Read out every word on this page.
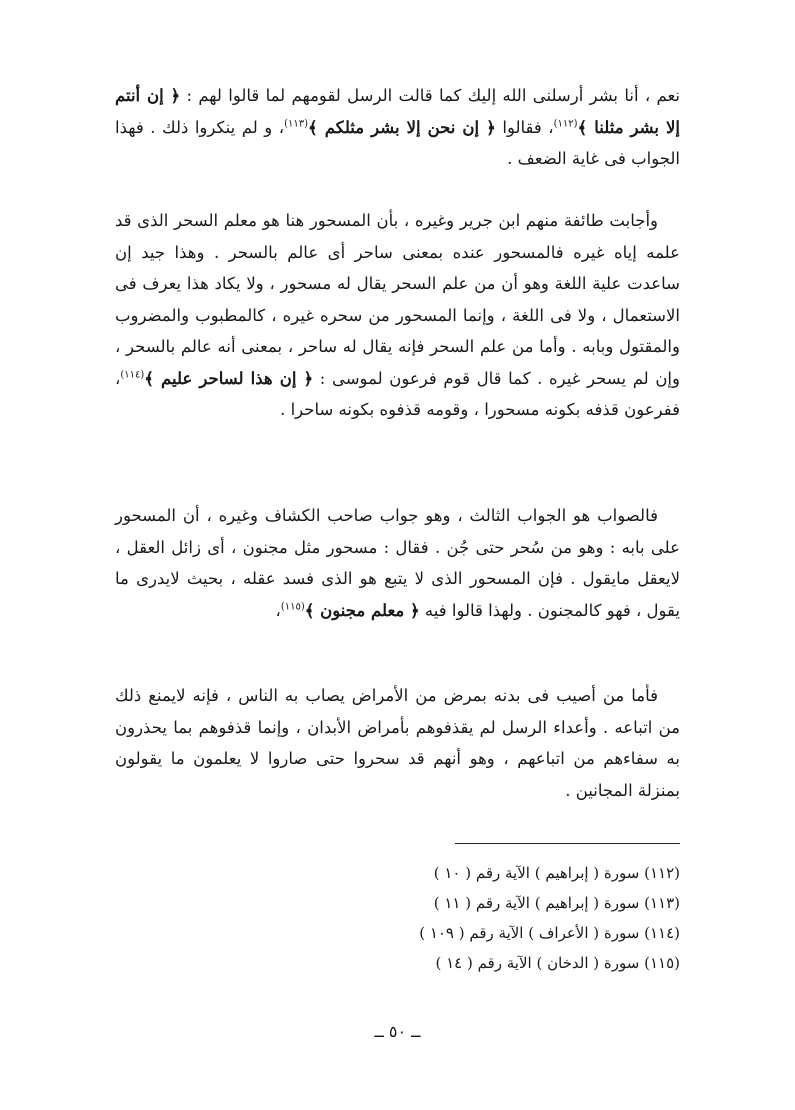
نعم ، أنا بشر أرسلنى الله إليك كما قالت الرسل لقومهم لما قالوا لهم : ﴿ إن أنتم إلا بشر مثلنا ﴾$^{(١١٢)}$، فقالوا ﴿ إن نحن إلا بشر مثلكم ﴾$^{(١١٣)}$، و لم ينكروا ذلك . فهذا الجواب فى غاية الضعف .

وأجابت طائفة منهم ابن جرير وغيره ، بأن المسحور هنا هو معلم السحر الذى قد علمه إياه غيره فالمسحور عنده بمعنى ساحر أى عالم بالسحر . وهذا جيد إن ساعدت علية اللغة وهو أن من علم السحر يقال له مسحور ، ولا يكاد هذا يعرف فى الاستعمال ، ولا فى اللغة ، وإنما المسحور من سحره غيره ، كالمطبوب والمضروب والمقتول وبابه . وأما من علم السحر فإنه يقال له ساحر ، بمعنى أنه عالم بالسحر ، وإن لم يسحر غيره . كما قال قوم فرعون لموسى : ﴿ إن هذا لساحر عليم ﴾$^{(١١٤)}$، ففرعون قذفه بكونه مسحورا ، وقومه قذفوه بكونه ساحرا .

فالصواب هو الجواب الثالث ، وهو جواب صاحب الكشاف وغيره ، أن المسحور على بابه : وهو من سُحر حتى جُن . فقال : مسحور مثل مجنون ، أى زائل العقل ، لايعقل مايقول . فإن المسحور الذى لا يتبع هو الذى فسد عقله ، بحيث لايدرى ما يقول ، فهو كالمجنون . ولهذا قالوا فيه ﴿ معلم مجنون ﴾$^{(١١٥)}$،

فأما من أصيب فى بدنه بمرض من الأمراض يصاب به الناس ، فإنه لايمنع ذلك من اتباعه . وأعداء الرسل لم يقذفوهم بأمراض الأبدان ، وإنما قذفوهم بما يحذرون به سفاءهم من اتباعهم ، وهو أنهم قد سحروا حتى صاروا لا يعلمون ما يقولون بمنزلة المجانين .

(١١٢) سورة ( إبراهيم ) الآية رقم ( ١٠ )

(١١٣) سورة ( إبراهيم ) الآية رقم ( ١١ )

(١١٤) سورة ( الأعراف ) الآية رقم ( ١٠٩ )

(١١٥) سورة ( الدخان ) الآية رقم ( ١٤ )

ــ ٥٠ ــ
